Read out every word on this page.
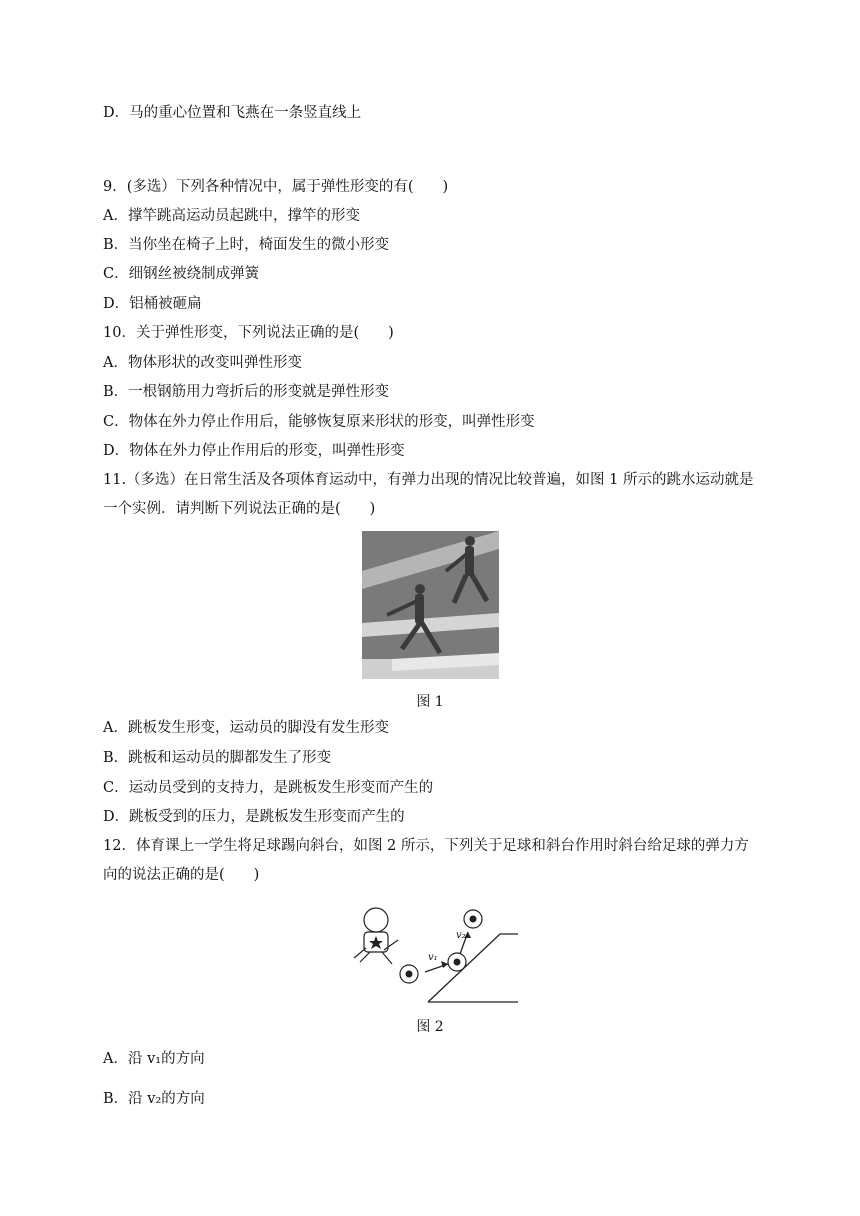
D．马的重心位置和飞燕在一条竖直线上
9．(多选）下列各种情况中，属于弹性形变的有(　　)
A．撑竿跳高运动员起跳中，撑竿的形变
B．当你坐在椅子上时，椅面发生的微小形变
C．细钢丝被绕制成弹簧
D．铝桶被砸扁
10．关于弹性形变，下列说法正确的是(　　)
A．物体形状的改变叫弹性形变
B．一根钢筋用力弯折后的形变就是弹性形变
C．物体在外力停止作用后，能够恢复原来形状的形变，叫弹性形变
D．物体在外力停止作用后的形变，叫弹性形变
11.（多选）在日常生活及各项体育运动中，有弹力出现的情况比较普遍，如图 1 所示的跳水运动就是一个实例．请判断下列说法正确的是(　　)
图 1
A．跳板发生形变，运动员的脚没有发生形变
B．跳板和运动员的脚都发生了形变
C．运动员受到的支持力，是跳板发生形变而产生的
D．跳板受到的压力，是跳板发生形变而产生的
12．体育课上一学生将足球踢向斜台，如图 2 所示，下列关于足球和斜台作用时斜台给足球的弹力方向的说法正确的是(　　)
v₁
v₂
图 2
A．沿 v₁的方向
B．沿 v₂的方向
